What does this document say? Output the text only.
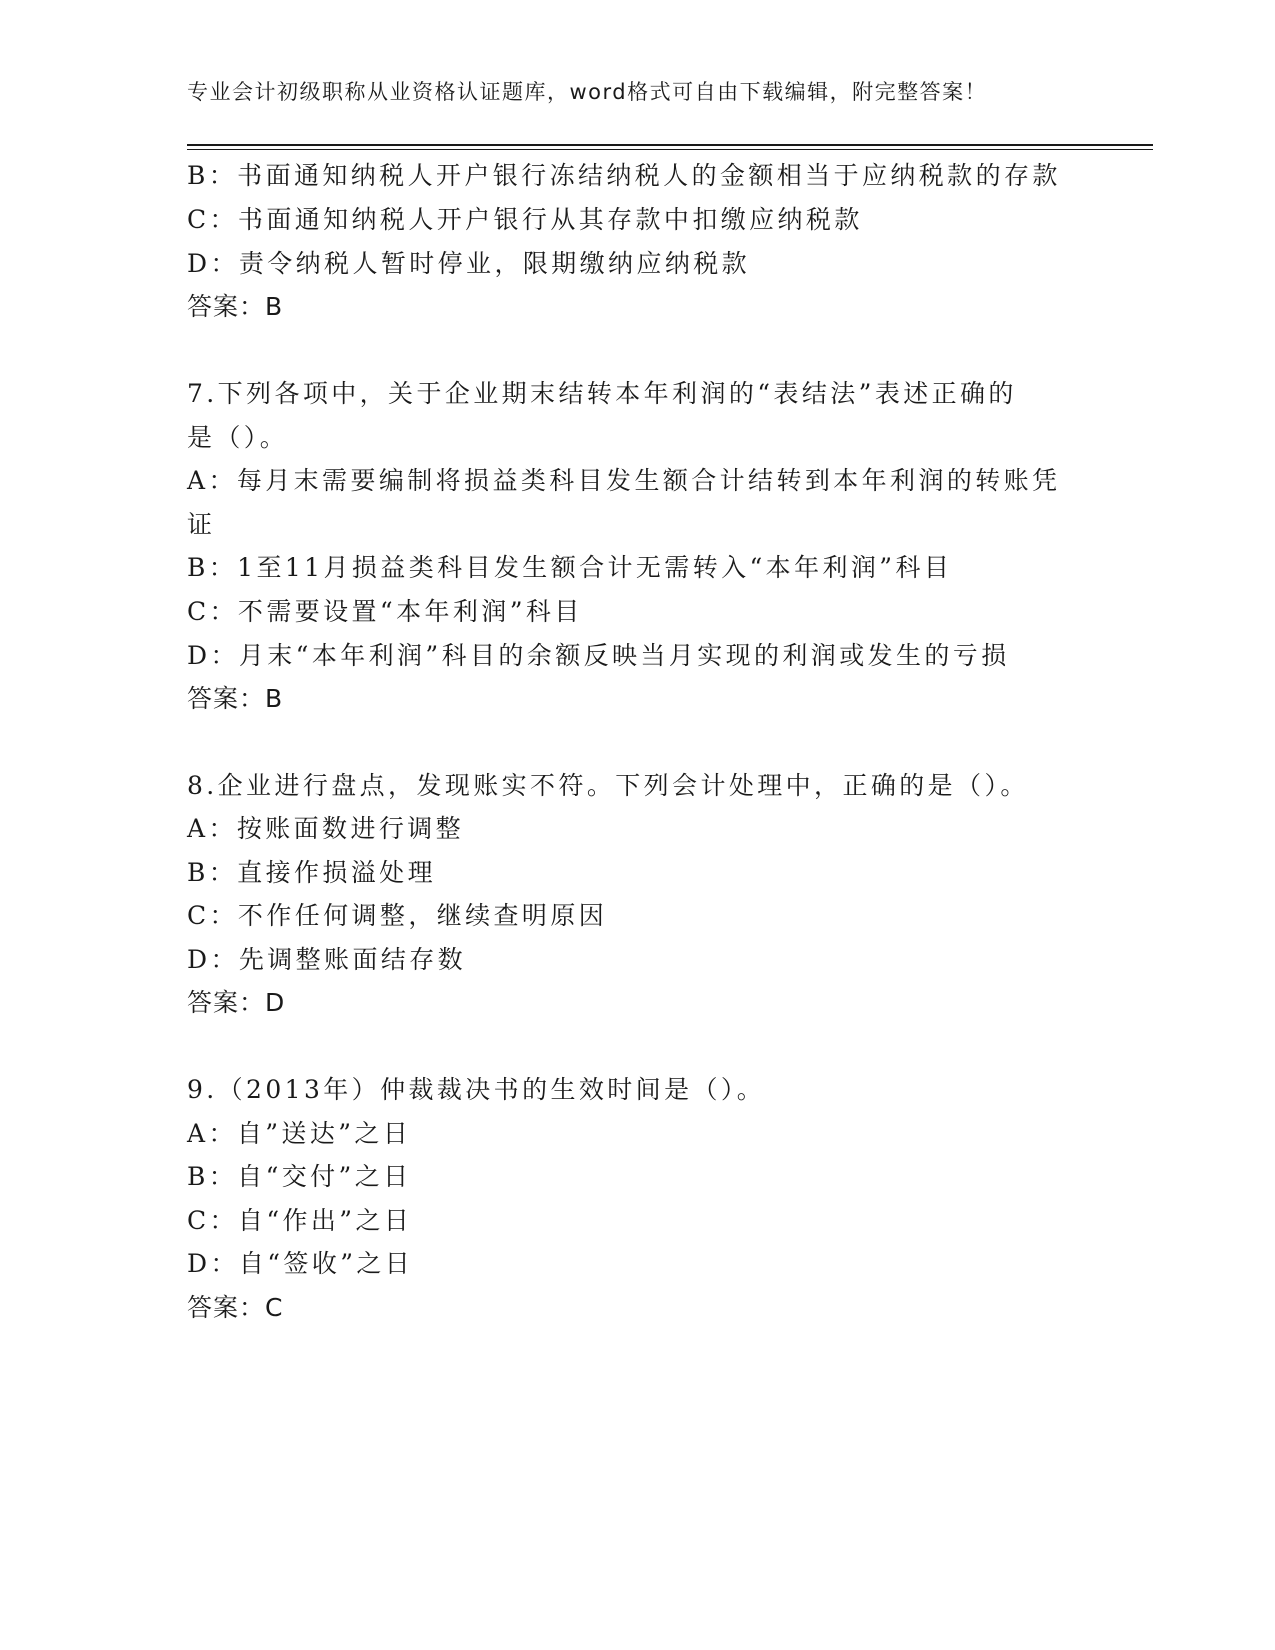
专业会计初级职称从业资格认证题库，word格式可自由下载编辑，附完整答案！
B：书面通知纳税人开户银行冻结纳税人的金额相当于应纳税款的存款
C：书面通知纳税人开户银行从其存款中扣缴应纳税款
D：责令纳税人暂时停业，限期缴纳应纳税款
答案：B
7.下列各项中，关于企业期末结转本年利润的“表结法”表述正确的
是（）。
A：每月末需要编制将损益类科目发生额合计结转到本年利润的转账凭
证
B：1至11月损益类科目发生额合计无需转入“本年利润”科目
C：不需要设置“本年利润”科目
D：月末“本年利润”科目的余额反映当月实现的利润或发生的亏损
答案：B
8.企业进行盘点，发现账实不符。下列会计处理中，正确的是（）。
A：按账面数进行调整
B：直接作损溢处理
C：不作任何调整，继续查明原因
D：先调整账面结存数
答案：D
9.（2013年）仲裁裁决书的生效时间是（）。
A：自”送达”之日
B：自“交付”之日
C：自“作出”之日
D：自“签收”之日
答案：C
